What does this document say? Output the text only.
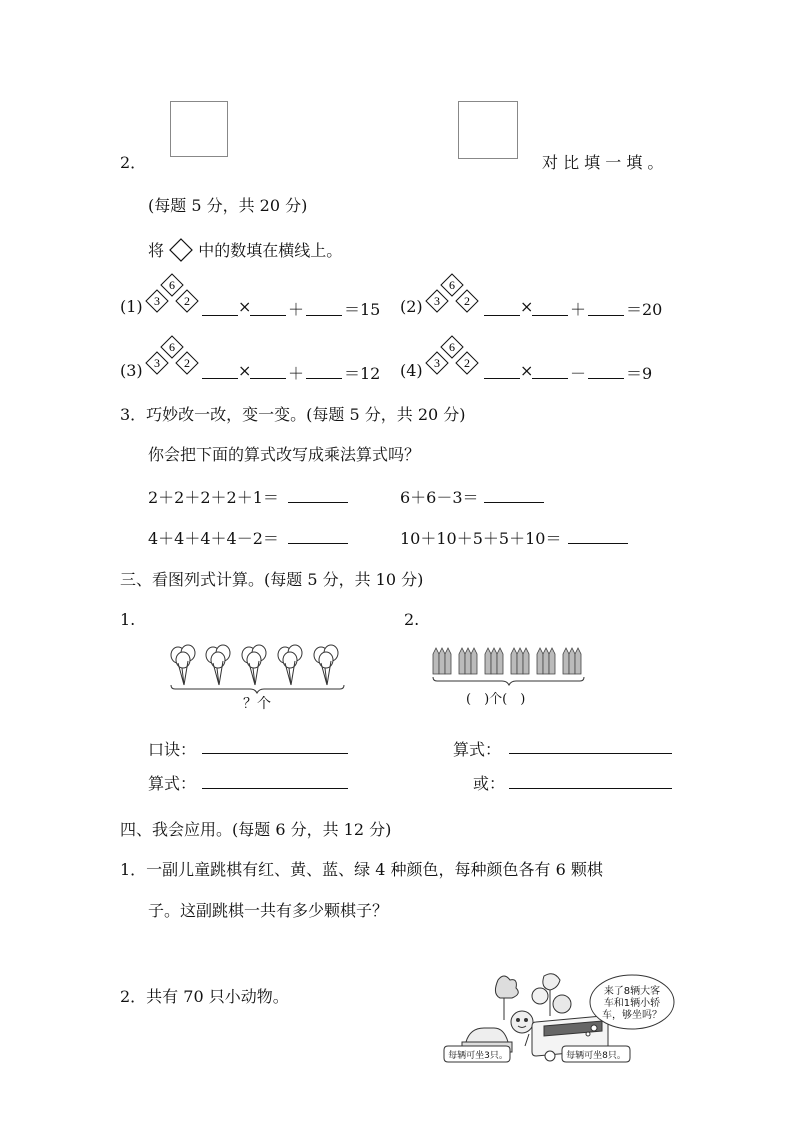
2．	对 比 填 一 填 。
(每题 5 分，共 20 分)
将 中的数填在横线上。
(1)
6
3 2	× ＋ ＝15 (2)
6
3 2	× ＋ ＝20
(3)
6
3 2	× ＋ ＝12 (4)
6
3 2	× － ＝9
3．巧妙改一改，变一变。(每题 5 分，共 20 分)
你会把下面的算式改写成乘法算式吗？
2＋2＋2＋2＋1＝	6＋6－3＝
4＋4＋4＋4－2＝	10＋10＋5＋5＋10＝
三、看图列式计算。(每题 5 分，共 10 分)
1.	2.
？个	(　)个(　)
口诀：	算式：
算式：	或：
四、我会应用。(每题 6 分，共 12 分)
1．一副儿童跳棋有红、黄、蓝、绿 4 种颜色，每种颜色各有 6 颗棋
子。这副跳棋一共有多少颗棋子？
2．共有 70 只小动物。	来了8辆大客
车和1辆小轿
车，够坐吗？
每辆可坐3只。	每辆可坐8只。
